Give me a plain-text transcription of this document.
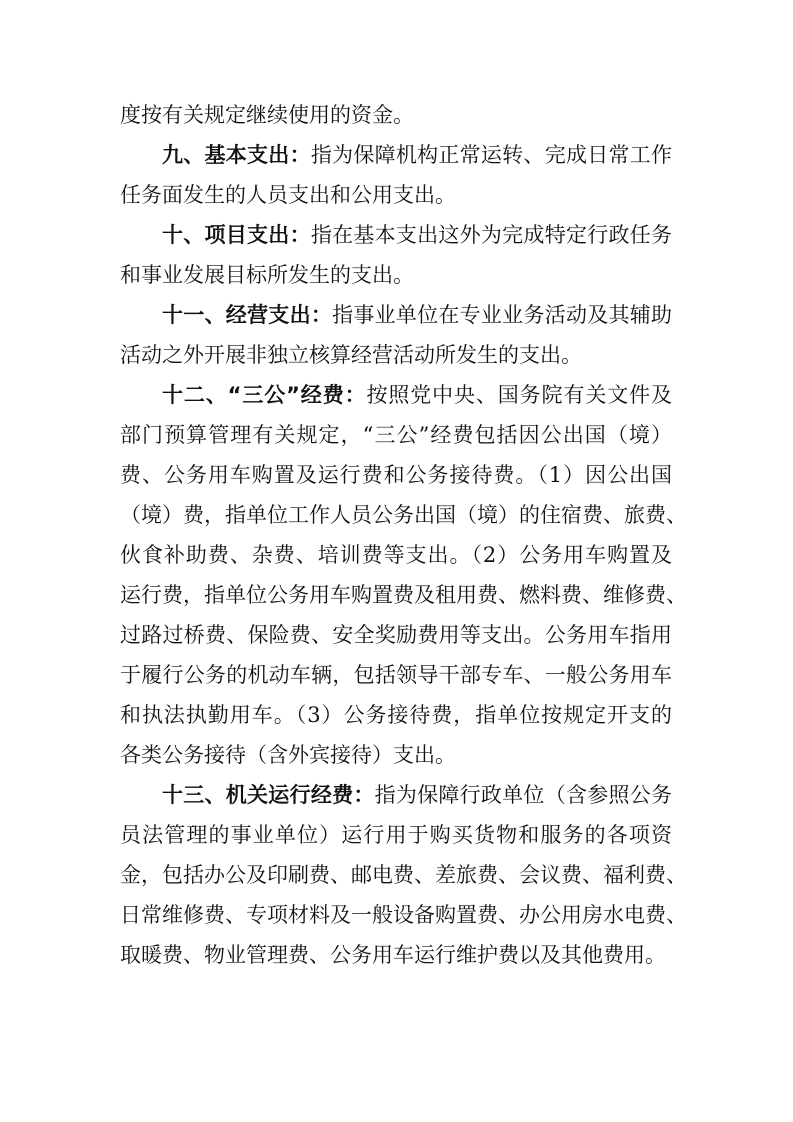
度按有关规定继续使用的资金。
九、基本支出：指为保障机构正常运转、完成日常工作
任务面发生的人员支出和公用支出。
十、项目支出：指在基本支出这外为完成特定行政任务
和事业发展目标所发生的支出。
十一、经营支出：指事业单位在专业业务活动及其辅助
活动之外开展非独立核算经营活动所发生的支出。
十二、“三公”经费：按照党中央、国务院有关文件及
部门预算管理有关规定，“三公”经费包括因公出国（境）
费、公务用车购置及运行费和公务接待费。（1）因公出国
（境）费，指单位工作人员公务出国（境）的住宿费、旅费、
伙食补助费、杂费、培训费等支出。（2）公务用车购置及
运行费，指单位公务用车购置费及租用费、燃料费、维修费、
过路过桥费、保险费、安全奖励费用等支出。公务用车指用
于履行公务的机动车辆，包括领导干部专车、一般公务用车
和执法执勤用车。（3）公务接待费，指单位按规定开支的
各类公务接待（含外宾接待）支出。
十三、机关运行经费：指为保障行政单位（含参照公务
员法管理的事业单位）运行用于购买货物和服务的各项资
金，包括办公及印刷费、邮电费、差旅费、会议费、福利费、
日常维修费、专项材料及一般设备购置费、办公用房水电费、
取暖费、物业管理费、公务用车运行维护费以及其他费用。
